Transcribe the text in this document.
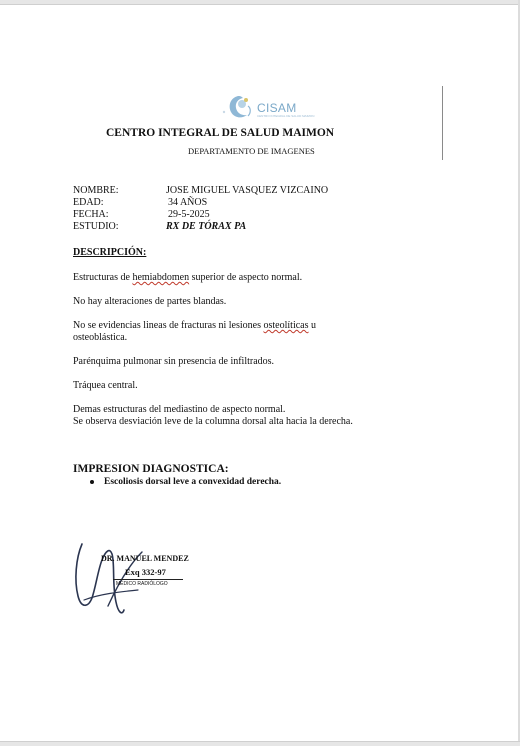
CISAM
CENTRO INTEGRAL DE SALUD MAIMON
CENTRO INTEGRAL DE SALUD MAIMON
DEPARTAMENTO DE IMAGENES
NOMBRE:	JOSE MIGUEL VASQUEZ VIZCAINO
EDAD:	34 AÑOS
FECHA:	29-5-2025
ESTUDIO:	RX DE TÓRAX PA
DESCRIPCIÓN:
Estructuras de hemiabdomen superior de aspecto normal.
No hay alteraciones de partes blandas.
No se evidencias lineas de fracturas ni lesiones osteolíticas u
osteoblástica.
Parénquima pulmonar sin presencia de infiltrados.
Tráquea central.
Demas estructuras del mediastino de aspecto normal.
Se observa desviación leve de la columna dorsal alta hacia la derecha.
IMPRESION DIAGNOSTICA:
Escoliosis dorsal leve a convexidad derecha.
DR. MANUEL MENDEZ
Exq 332-97
MÉDICO RADIÓLOGO
